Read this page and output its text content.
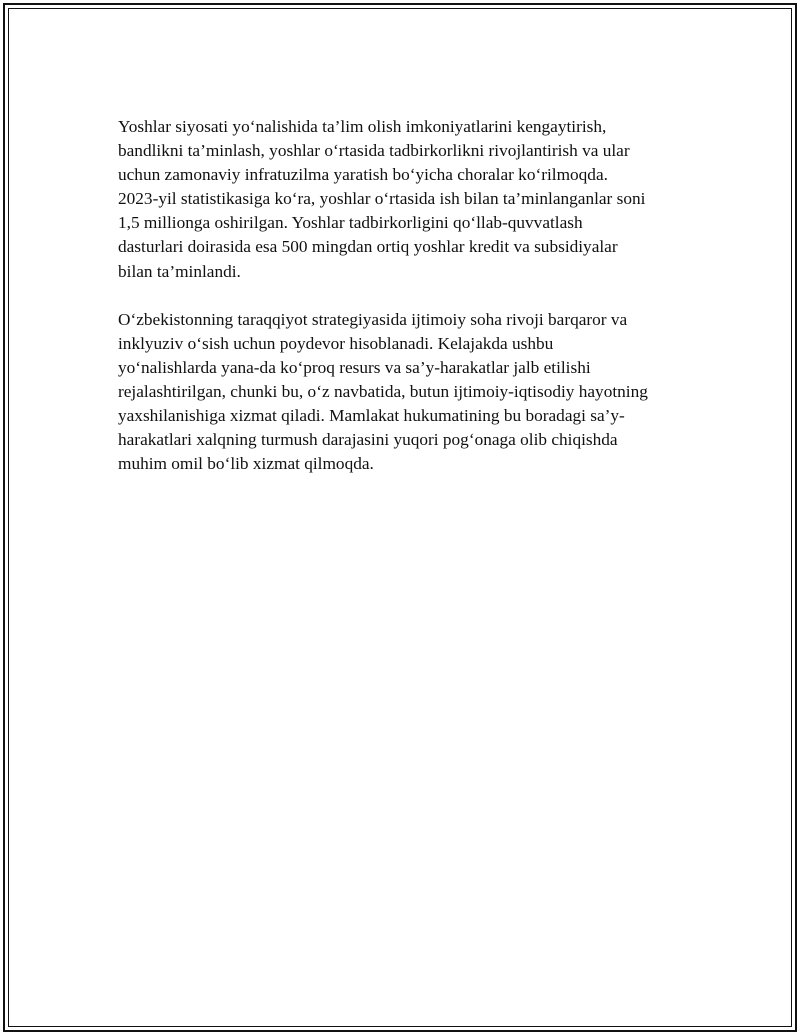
Yoshlar siyosati yo‘nalishida ta’lim olish imkoniyatlarini kengaytirish,
bandlikni ta’minlash, yoshlar o‘rtasida tadbirkorlikni rivojlantirish va ular
uchun zamonaviy infratuzilma yaratish bo‘yicha choralar ko‘rilmoqda.
2023-yil statistikasiga ko‘ra, yoshlar o‘rtasida ish bilan ta’minlanganlar soni
1,5 millionga oshirilgan. Yoshlar tadbirkorligini qo‘llab-quvvatlash
dasturlari doirasida esa 500 mingdan ortiq yoshlar kredit va subsidiyalar
bilan ta’minlandi.

O‘zbekistonning taraqqiyot strategiyasida ijtimoiy soha rivoji barqaror va
inklyuziv o‘sish uchun poydevor hisoblanadi. Kelajakda ushbu
yo‘nalishlarda yana-da ko‘proq resurs va sa’y-harakatlar jalb etilishi
rejalashtirilgan, chunki bu, o‘z navbatida, butun ijtimoiy-iqtisodiy hayotning
yaxshilanishiga xizmat qiladi. Mamlakat hukumatining bu boradagi sa’y-
harakatlari xalqning turmush darajasini yuqori pog‘onaga olib chiqishda
muhim omil bo‘lib xizmat qilmoqda.
